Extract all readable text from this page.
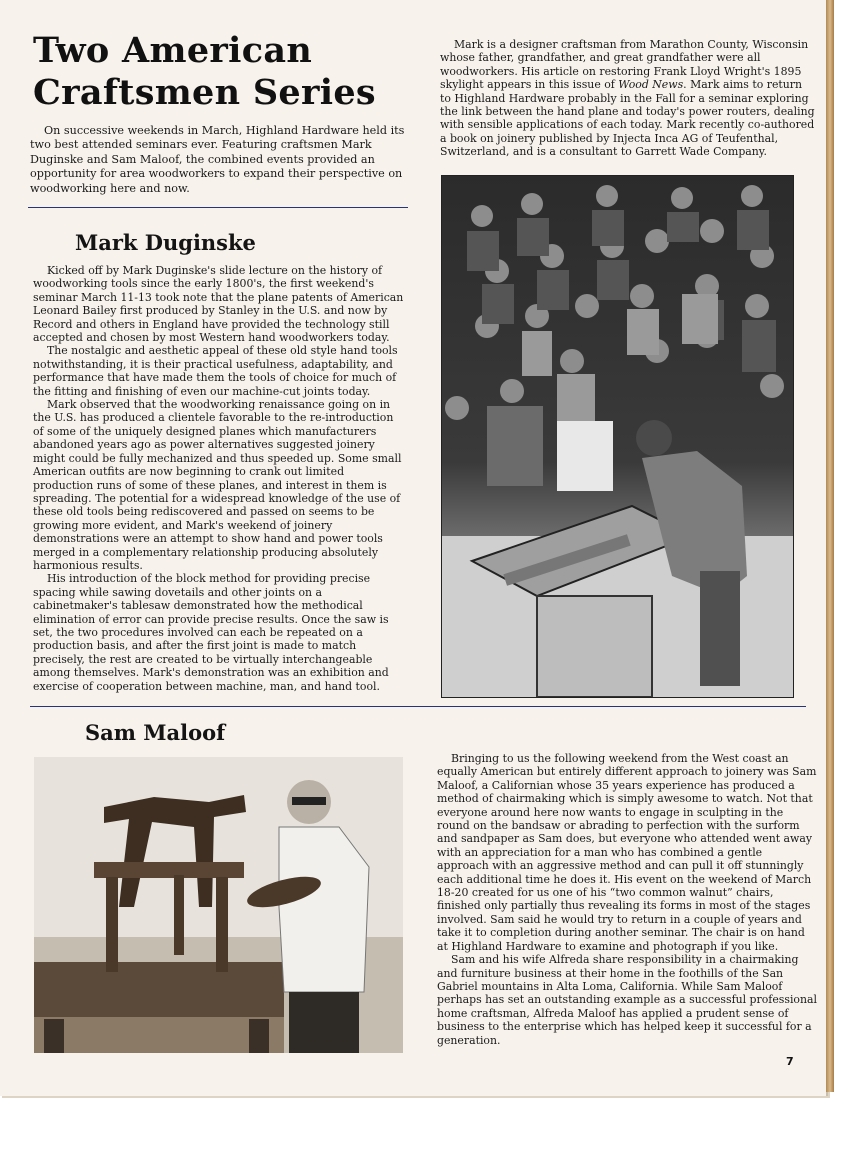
Two American
Craftsmen Series
On successive weekends in March, Highland Hardware held its two best attended seminars ever. Featuring craftsmen Mark Duginske and Sam Maloof, the combined events provided an opportunity for area woodworkers to expand their perspective on woodworking here and now.

Mark is a designer craftsman from Marathon County, Wisconsin whose father, grandfather, and great grandfather were all woodworkers. His article on restoring Frank Lloyd Wright's 1895 skylight appears in this issue of Wood News. Mark aims to return to Highland Hardware probably in the Fall for a seminar exploring the link between the hand plane and today's power routers, dealing with sensible applications of each today. Mark recently co-authored a book on joinery published by Injecta Inca AG of Teufenthal, Switzerland, and is a consultant to Garrett Wade Company.

Mark Duginske

Kicked off by Mark Duginske's slide lecture on the history of woodworking tools since the early 1800's, the first weekend's seminar March 11-13 took note that the plane patents of American Leonard Bailey first produced by Stanley in the U.S. and now by Record and others in England have provided the technology still accepted and chosen by most Western hand woodworkers today.

The nostalgic and aesthetic appeal of these old style hand tools notwithstanding, it is their practical usefulness, adaptability, and performance that have made them the tools of choice for much of the fitting and finishing of even our machine-cut joints today.

Mark observed that the woodworking renaissance going on in the U.S. has produced a clientele favorable to the re-introduction of some of the uniquely designed planes which manufacturers abandoned years ago as power alternatives suggested joinery might could be fully mechanized and thus speeded up. Some small American outfits are now beginning to crank out limited production runs of some of these planes, and interest in them is spreading. The potential for a widespread knowledge of the use of these old tools being rediscovered and passed on seems to be growing more evident, and Mark's weekend of joinery demonstrations were an attempt to show hand and power tools merged in a complementary relationship producing absolutely harmonious results.

His introduction of the block method for providing precise spacing while sawing dovetails and other joints on a cabinetmaker's tablesaw demonstrated how the methodical elimination of error can provide precise results. Once the saw is set, the two procedures involved can each be repeated on a production basis, and after the first joint is made to match precisely, the rest are created to be virtually interchangeable among themselves. Mark's demonstration was an exhibition and exercise of cooperation between machine, man, and hand tool.

Sam Maloof

Bringing to us the following weekend from the West coast an equally American but entirely different approach to joinery was Sam Maloof, a Californian whose 35 years experience has produced a method of chairmaking which is simply awesome to watch. Not that everyone around here now wants to engage in sculpting in the round on the bandsaw or abrading to perfection with the surform and sandpaper as Sam does, but everyone who attended went away with an appreciation for a man who has combined a gentle approach with an aggressive method and can pull it off stunningly each additional time he does it. His event on the weekend of March 18-20 created for us one of his “two common walnut” chairs, finished only partially thus revealing its forms in most of the stages involved. Sam said he would try to return in a couple of years and take it to completion during another seminar. The chair is on hand at Highland Hardware to examine and photograph if you like.

Sam and his wife Alfreda share responsibility in a chairmaking and furniture business at their home in the foothills of the San Gabriel mountains in Alta Loma, California. While Sam Maloof perhaps has set an outstanding example as a successful professional home craftsman, Alfreda Maloof has applied a prudent sense of business to the enterprise which has helped keep it successful for a generation.

7
